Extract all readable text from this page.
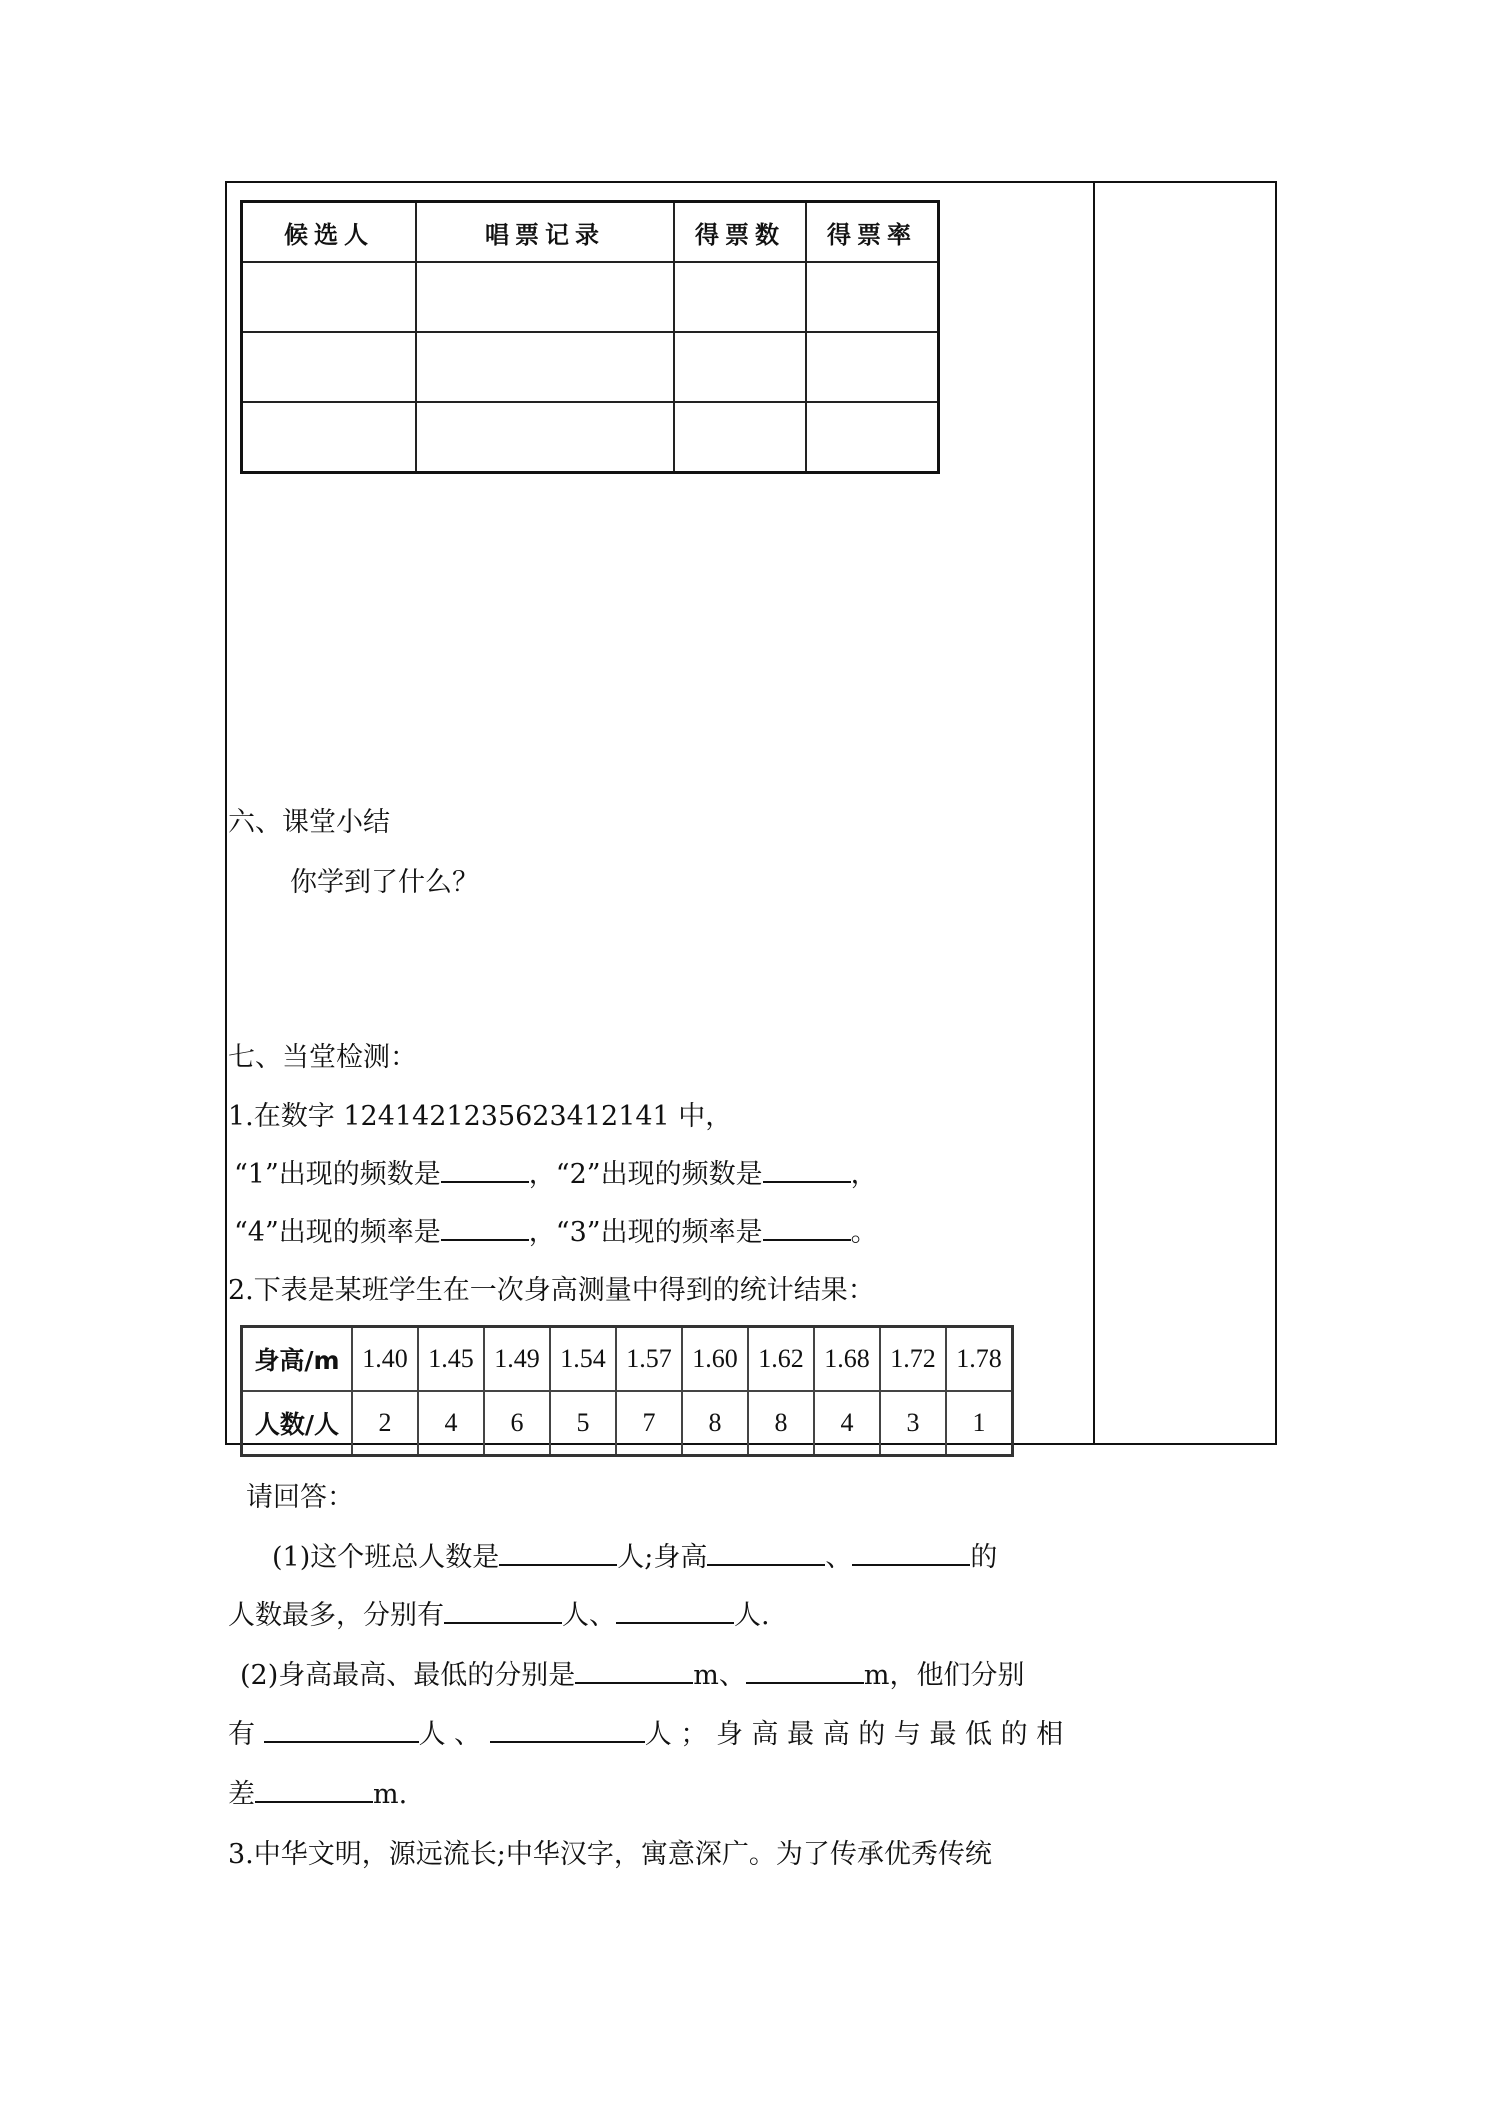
候选人	唱票记录	得票数	得票率

六、课堂小结
你学到了什么？
七、当堂检测：
1.在数字 1241421235623412141 中，
“1”出现的频数是	，“2”出现的频数是	，
“4”出现的频率是	，“3”出现的频率是	。
2.下表是某班学生在一次身高测量中得到的统计结果：
身高/m	1.40	1.45	1.49	1.54	1.57	1.60	1.62	1.68	1.72	1.78
人数/人	2	4	6	5	7	8	8	4	3	1
请回答：
(1)这个班总人数是	人;身高	、	的
人数最多，分别有	人、	人.
(2)身高最高、最低的分别是	m、	m，他们分别
有	人 、	人 ； 身 高 最 高 的 与 最 低 的 相
差	m.
3.中华文明，源远流长;中华汉字，寓意深广。为了传承优秀传统
